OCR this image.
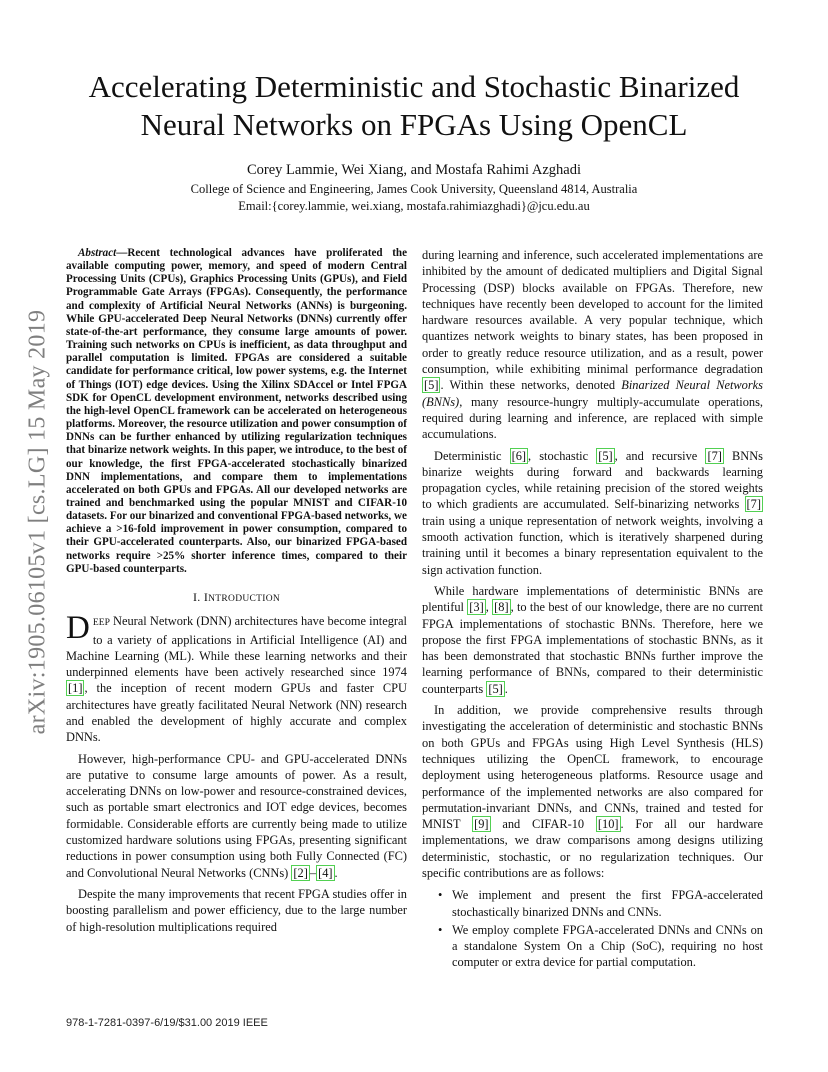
arXiv:1905.06105v1 [cs.LG] 15 May 2019
Accelerating Deterministic and Stochastic Binarized
Neural Networks on FPGAs Using OpenCL
Corey Lammie, Wei Xiang, and Mostafa Rahimi Azghadi
College of Science and Engineering, James Cook University, Queensland 4814, Australia
Email:{corey.lammie, wei.xiang, mostafa.rahimiazghadi}@jcu.edu.au

Abstract—Recent technological advances have proliferated the available computing power, memory, and speed of modern Central Processing Units (CPUs), Graphics Processing Units (GPUs), and Field Programmable Gate Arrays (FPGAs). Consequently, the performance and complexity of Artificial Neural Networks (ANNs) is burgeoning. While GPU-accelerated Deep Neural Networks (DNNs) currently offer state-of-the-art performance, they consume large amounts of power. Training such networks on CPUs is inefficient, as data throughput and parallel computation is limited. FPGAs are considered a suitable candidate for performance critical, low power systems, e.g. the Internet of Things (IOT) edge devices. Using the Xilinx SDAccel or Intel FPGA SDK for OpenCL development environment, networks described using the high-level OpenCL framework can be accelerated on heterogeneous platforms. Moreover, the resource utilization and power consumption of DNNs can be further enhanced by utilizing regularization techniques that binarize network weights. In this paper, we introduce, to the best of our knowledge, the first FPGA-accelerated stochastically binarized DNN implementations, and compare them to implementations accelerated on both GPUs and FPGAs. All our developed networks are trained and benchmarked using the popular MNIST and CIFAR-10 datasets. For our binarized and conventional FPGA-based networks, we achieve a >16-fold improvement in power consumption, compared to their GPU-accelerated counterparts. Also, our binarized FPGA-based networks require >25% shorter inference times, compared to their GPU-based counterparts.

I. INTRODUCTION

DEEP Neural Network (DNN) architectures have become integral to a variety of applications in Artificial Intelligence (AI) and Machine Learning (ML). While these learning networks and their underpinned elements have been actively researched since 1974 [1] , the inception of recent modern GPUs and faster CPU architectures have greatly facilitated Neural Network (NN) research and enabled the development of highly accurate and complex DNNs.

However, high-performance CPU- and GPU-accelerated DNNs are putative to consume large amounts of power. As a result, accelerating DNNs on low-power and resource-constrained devices, such as portable smart electronics and IOT edge devices, becomes formidable. Considerable efforts are currently being made to utilize customized hardware solutions using FPGAs, presenting significant reductions in power consumption using both Fully Connected (FC) and Convolutional Neural Networks (CNNs) [2] – [4] .

Despite the many improvements that recent FPGA studies offer in boosting parallelism and power efficiency, due to the large number of high-resolution multiplications required

during learning and inference, such accelerated implementations are inhibited by the amount of dedicated multipliers and Digital Signal Processing (DSP) blocks available on FPGAs. Therefore, new techniques have recently been developed to account for the limited hardware resources available. A very popular technique, which quantizes network weights to binary states, has been proposed in order to greatly reduce resource utilization, and as a result, power consumption, while exhibiting minimal performance degradation [5] . Within these networks, denoted Binarized Neural Networks (BNNs), many resource-hungry multiply-accumulate operations, required during learning and inference, are replaced with simple accumulations.

Deterministic [6] , stochastic [5] , and recursive [7] BNNs binarize weights during forward and backwards learning propagation cycles, while retaining precision of the stored weights to which gradients are accumulated. Self-binarizing networks [7] train using a unique representation of network weights, involving a smooth activation function, which is iteratively sharpened during training until it becomes a binary representation equivalent to the sign activation function.

While hardware implementations of deterministic BNNs are plentiful [3] , [8] , to the best of our knowledge, there are no current FPGA implementations of stochastic BNNs. Therefore, here we propose the first FPGA implementations of stochastic BNNs, as it has been demonstrated that stochastic BNNs further improve the learning performance of BNNs, compared to their deterministic counterparts [5] .

In addition, we provide comprehensive results through investigating the acceleration of deterministic and stochastic BNNs on both GPUs and FPGAs using High Level Synthesis (HLS) techniques utilizing the OpenCL framework, to encourage deployment using heterogeneous platforms. Resource usage and performance of the implemented networks are also compared for permutation-invariant DNNs, and CNNs, trained and tested for MNIST [9] and CIFAR-10 [10] . For all our hardware implementations, we draw comparisons among designs utilizing deterministic, stochastic, or no regularization techniques. Our specific contributions are as follows:

• We implement and present the first FPGA-accelerated stochastically binarized DNNs and CNNs.
• We employ complete FPGA-accelerated DNNs and CNNs on a standalone System On a Chip (SoC), requiring no host computer or extra device for partial computation.
978-1-7281-0397-6/19/$31.00 2019 IEEE
